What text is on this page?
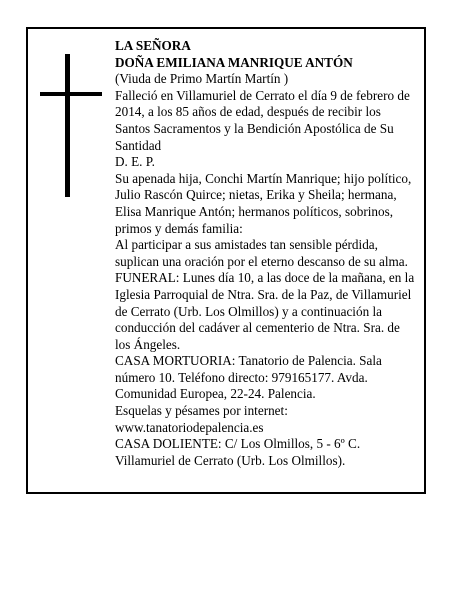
LA SEÑORA

DOÑA EMILIANA MANRIQUE ANTÓN

(Viuda de Primo Martín Martín )

Falleció en Villamuriel de Cerrato el día 9 de febrero de 2014, a los 85 años de edad, después de recibir los Santos Sacramentos y la Bendición Apostólica de Su Santidad

D. E. P.

Su apenada hija, Conchi Martín Manrique; hijo político, Julio Rascón Quirce; nietas, Erika y Sheila; hermana, Elisa Manrique Antón; hermanos políticos, sobrinos, primos y demás familia:

Al participar a sus amistades tan sensible pérdida, suplican una oración por el eterno descanso de su alma.

FUNERAL: Lunes día 10, a las doce de la mañana, en la Iglesia Parroquial de Ntra. Sra. de la Paz, de Villamuriel de Cerrato (Urb. Los Olmillos) y a continuación la conducción del cadáver al cementerio de Ntra. Sra. de los Ángeles.

CASA MORTUORIA: Tanatorio de Palencia. Sala número 10. Teléfono directo: 979165177. Avda. Comunidad Europea, 22-24. Palencia.

Esquelas y pésames por internet:

www.tanatoriodepalencia.es

CASA DOLIENTE: C/ Los Olmillos, 5 - 6º C. Villamuriel de Cerrato (Urb. Los Olmillos).
